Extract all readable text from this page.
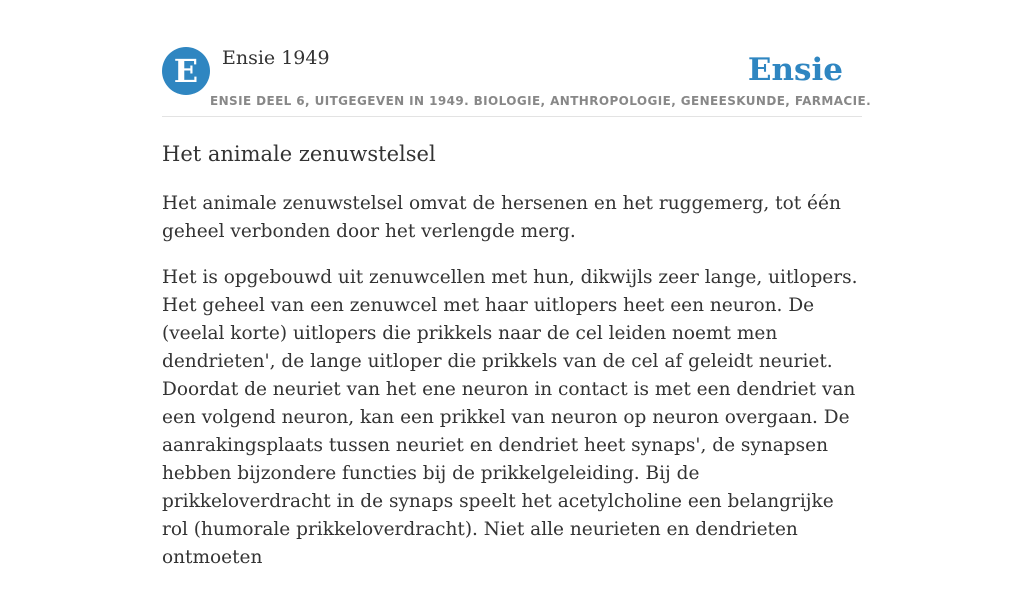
E	Ensie 1949	Ensie
ENSIE DEEL 6, UITGEGEVEN IN 1949. BIOLOGIE, ANTHROPOLOGIE, GENEESKUNDE, FARMACIE.
Het animale zenuwstelsel

Het animale zenuwstelsel omvat de hersenen en het ruggemerg, tot één geheel verbonden door het verlengde merg.

Het is opgebouwd uit zenuwcellen met hun, dikwijls zeer lange, uitlopers. Het geheel van een zenuwcel met haar uitlopers heet een neuron. De (veelal korte) uitlopers die prikkels naar de cel leiden noemt men dendrieten', de lange uitloper die prikkels van de cel af geleidt neuriet. Doordat de neuriet van het ene neuron in contact is met een dendriet van een volgend neuron, kan een prikkel van neuron op neuron overgaan. De aanrakingsplaats tussen neuriet en dendriet heet synaps', de synapsen hebben bijzondere functies bij de prikkelgeleiding. Bij de prikkeloverdracht in de synaps speelt het acetylcholine een belangrijke rol (humorale prikkeloverdracht). Niet alle neurieten en dendrieten ontmoeten
